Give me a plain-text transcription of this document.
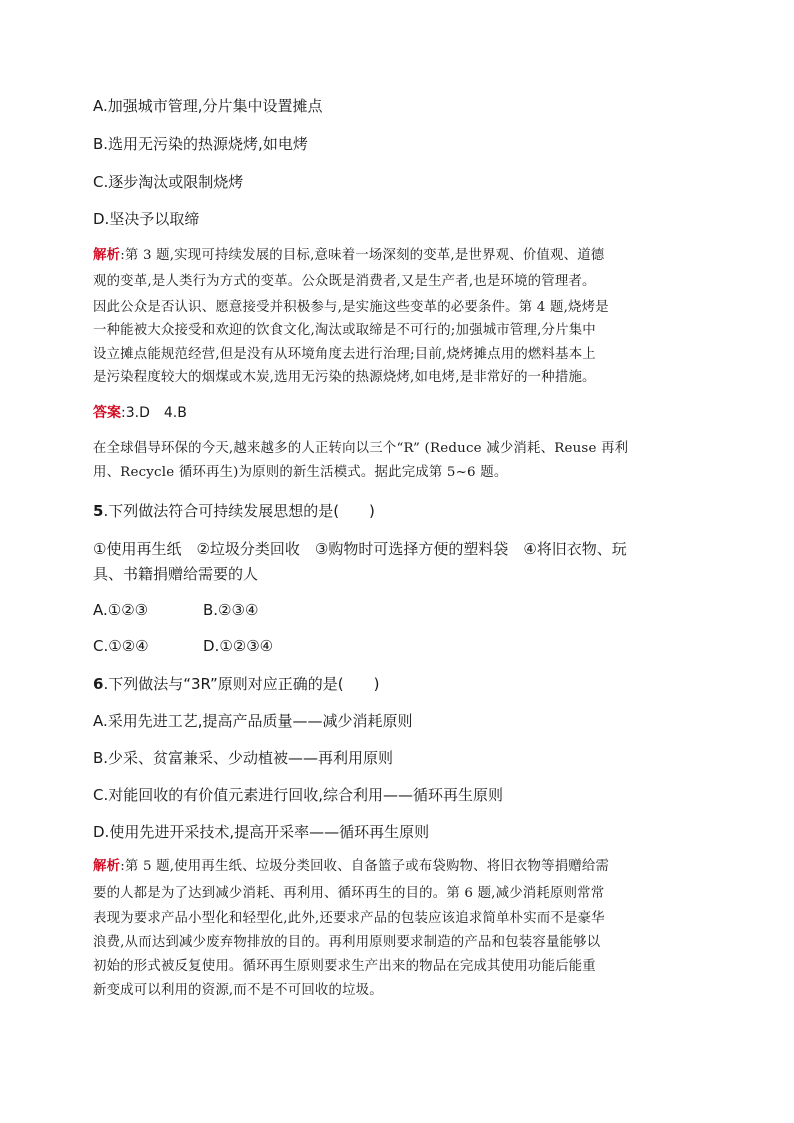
A.加强城市管理,分片集中设置摊点
B.选用无污染的热源烧烤,如电烤
C.逐步淘汰或限制烧烤
D.坚决予以取缔
解析:第 3 题,实现可持续发展的目标,意味着一场深刻的变革,是世界观、价值观、道德
观的变革,是人类行为方式的变革。公众既是消费者,又是生产者,也是环境的管理者。
因此公众是否认识、愿意接受并积极参与,是实施这些变革的必要条件。第 4 题,烧烤是
一种能被大众接受和欢迎的饮食文化,淘汰或取缔是不可行的;加强城市管理,分片集中
设立摊点能规范经营,但是没有从环境角度去进行治理;目前,烧烤摊点用的燃料基本上
是污染程度较大的烟煤或木炭,选用无污染的热源烧烤,如电烤,是非常好的一种措施。
答案:3.D　4.B
在全球倡导环保的今天,越来越多的人正转向以三个“R” (Reduce 减少消耗、Reuse 再利
用、Recycle 循环再生)为原则的新生活模式。据此完成第 5~6 题。
5.下列做法符合可持续发展思想的是(　　)
①使用再生纸　②垃圾分类回收　③购物时可选择方便的塑料袋　④将旧衣物、玩
具、书籍捐赠给需要的人
A.①②③	B.②③④
C.①②④	D.①②③④
6.下列做法与“3R”原则对应正确的是(　　)
A.采用先进工艺,提高产品质量——减少消耗原则
B.少采、贫富兼采、少动植被——再利用原则
C.对能回收的有价值元素进行回收,综合利用——循环再生原则
D.使用先进开采技术,提高开采率——循环再生原则
解析:第 5 题,使用再生纸、垃圾分类回收、自备篮子或布袋购物、将旧衣物等捐赠给需
要的人都是为了达到减少消耗、再利用、循环再生的目的。第 6 题,减少消耗原则常常
表现为要求产品小型化和轻型化,此外,还要求产品的包装应该追求简单朴实而不是豪华
浪费,从而达到减少废弃物排放的目的。再利用原则要求制造的产品和包装容量能够以
初始的形式被反复使用。循环再生原则要求生产出来的物品在完成其使用功能后能重
新变成可以利用的资源,而不是不可回收的垃圾。
